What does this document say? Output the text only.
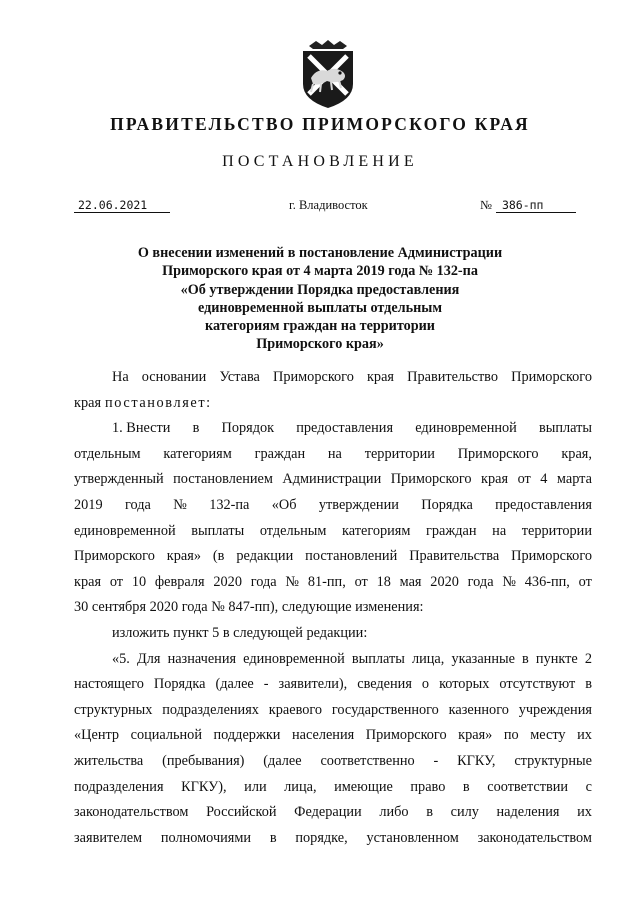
ПРАВИТЕЛЬСТВО ПРИМОРСКОГО КРАЯ
ПОСТАНОВЛЕНИЕ
22.06.2021	г. Владивосток	№ 386-пп
О внесении изменений в постановление Администрации
Приморского края от 4 марта 2019 года № 132-па
«Об утверждении Порядка предоставления
единовременной выплаты отдельным
категориям граждан на территории
Приморского края»
На основании Устава Приморского края Правительство Приморского
края постановляет:
1. Внести в Порядок предоставления единовременной выплаты
отдельным категориям граждан на территории Приморского края,
утвержденный постановлением Администрации Приморского края от 4 марта
2019 года № 132-па «Об утверждении Порядка предоставления
единовременной выплаты отдельным категориям граждан на территории
Приморского края» (в редакции постановлений Правительства Приморского
края от 10 февраля 2020 года № 81-пп, от 18 мая 2020 года № 436-пп, от
30 сентября 2020 года № 847-пп), следующие изменения:
изложить пункт 5 в следующей редакции:
«5. Для назначения единовременной выплаты лица, указанные в пункте 2
настоящего Порядка (далее - заявители), сведения о которых отсутствуют в
структурных подразделениях краевого государственного казенного учреждения
«Центр социальной поддержки населения Приморского края» по месту их
жительства (пребывания) (далее соответственно - КГКУ, структурные
подразделения КГКУ), или лица, имеющие право в соответствии с
законодательством Российской Федерации либо в силу наделения их
заявителем полномочиями в порядке, установленном законодательством
